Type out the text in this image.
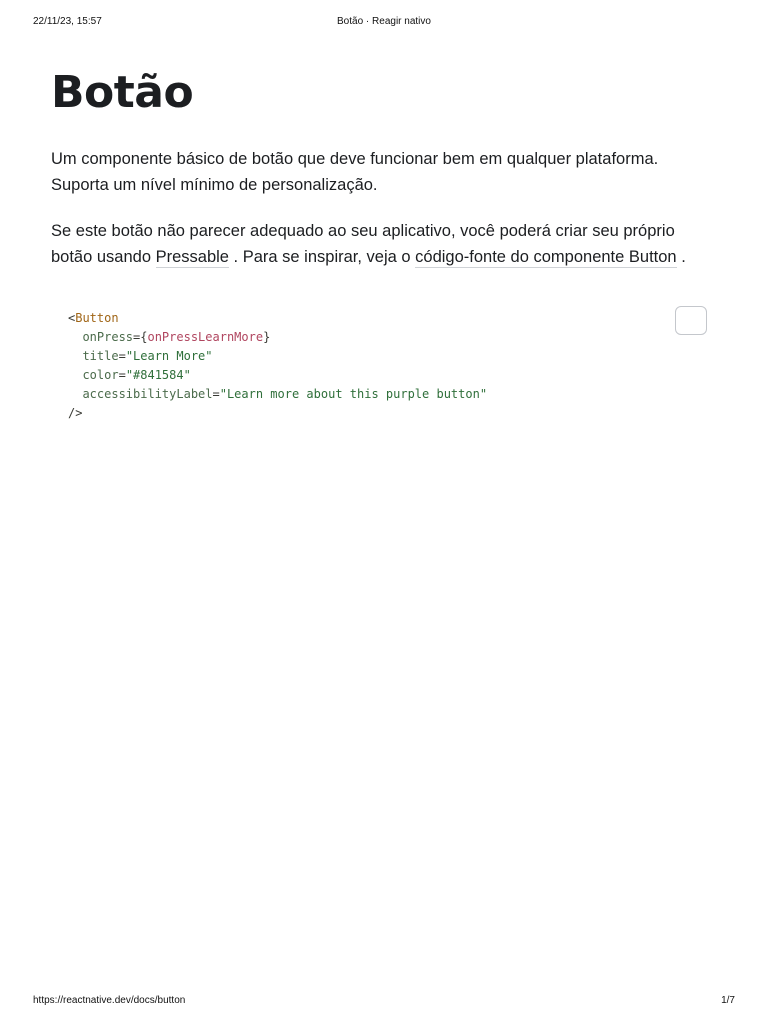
22/11/23, 15:57	Botão · Reagir nativo
Botão

Um componente básico de botão que deve funcionar bem em qualquer plataforma. Suporta um nível mínimo de personalização.

Se este botão não parecer adequado ao seu aplicativo, você poderá criar seu próprio botão usando Pressable . Para se inspirar, veja o código-fonte do componente Button .

<Button
onPress={onPressLearnMore}
title="Learn More"
color="#841584"
accessibilityLabel="Learn more about this purple button"
/>
https://reactnative.dev/docs/button	1/7
